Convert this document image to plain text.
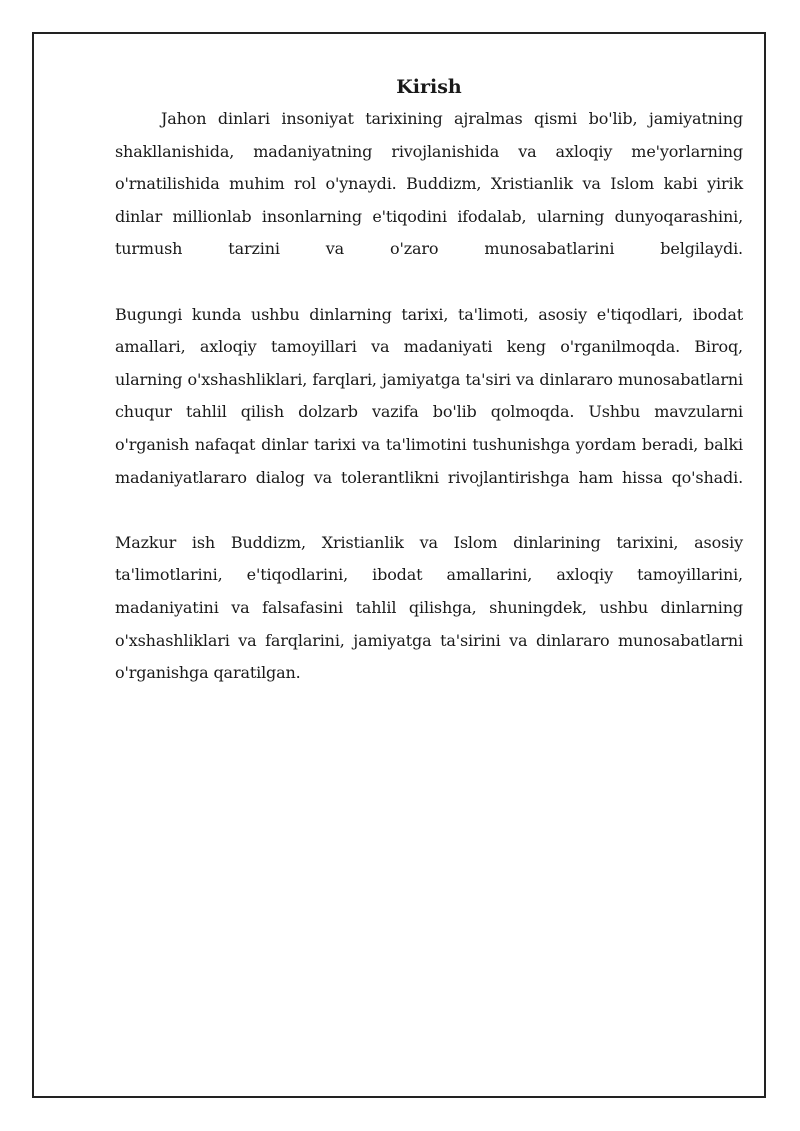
Kirish

Jahon dinlari insoniyat tarixining ajralmas qismi bo'lib, jamiyatning shakllanishida, madaniyatning rivojlanishida va axloqiy me'yorlarning o'rnatilishida muhim rol o'ynaydi. Buddizm, Xristianlik va Islom kabi yirik dinlar millionlab insonlarning e'tiqodini ifodalab, ularning dunyoqarashini, turmush tarzini va o'zaro munosabatlarini belgilaydi.

Bugungi kunda ushbu dinlarning tarixi, ta'limoti, asosiy e'tiqodlari, ibodat amallari, axloqiy tamoyillari va madaniyati keng o'rganilmoqda. Biroq, ularning o'xshashliklari, farqlari, jamiyatga ta'siri va dinlararo munosabatlarni chuqur tahlil qilish dolzarb vazifa bo'lib qolmoqda. Ushbu mavzularni o'rganish nafaqat dinlar tarixi va ta'limotini tushunishga yordam beradi, balki madaniyatlararo dialog va tolerantlikni rivojlantirishga ham hissa qo'shadi.

Mazkur ish Buddizm, Xristianlik va Islom dinlarining tarixini, asosiy ta'limotlarini, e'tiqodlarini, ibodat amallarini, axloqiy tamoyillarini, madaniyatini va falsafasini tahlil qilishga, shuningdek, ushbu dinlarning o'xshashliklari va farqlarini, jamiyatga ta'sirini va dinlararo munosabatlarni o'rganishga qaratilgan.
